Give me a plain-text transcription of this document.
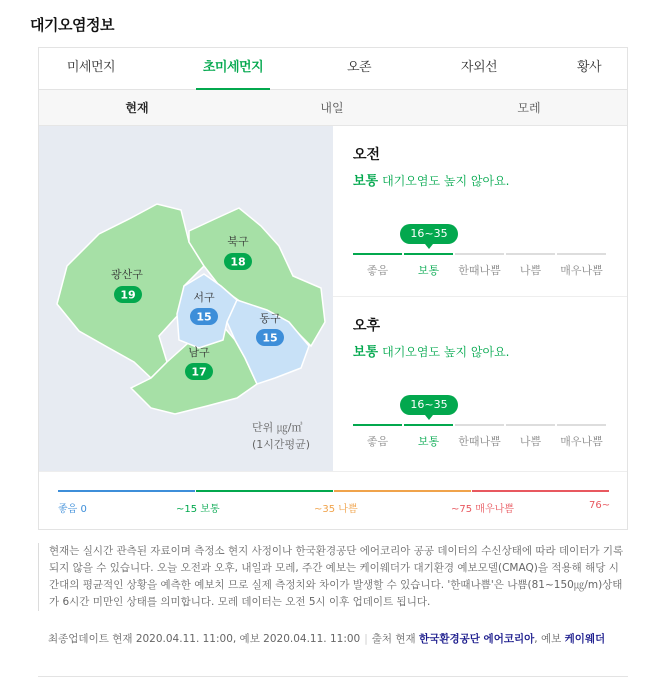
대기오염정보
미세먼지	초미세먼지	오존	자외선	황사
현재	내일	모레
광산구
19
북구
18
서구
15	동구
15
남구
17
단위 ㎍/㎥
(1시간평균)
오전
보통 대기오염도 높지 않아요.
16~35
좋음	보통	한때나쁨	나쁨	매우나쁨
오후
보통 대기오염도 높지 않아요.
16~35
좋음	보통	한때나쁨	나쁨	매우나쁨
좋음 0	~15 보통	~35 나쁨	~75 매우나쁨	76~
현재는 실시간 관측된 자료이며 측정소 현지 사정이나 한국환경공단 에어코리아 공공 데이터의 수신상태에 따라 데이터가 기록되지 않을 수 있습니다. 오늘 오전과 오후, 내일과 모레, 주간 예보는 케이웨더가 대기환경 예보모델(CMAQ)을 적용해 해당 시간대의 평균적인 상황을 예측한 예보치 므로 실제 측정치와 차이가 발생할 수 있습니다. '한때나쁨'은 나쁨(81~150㎍/m)상태가 6시간 미만인 상태를 의미합니다. 모레 데이터는 오전 5시 이후 업데이트 됩니다.
최종업데이트 현재 2020.04.11. 11:00, 예보 2020.04.11. 11:00 | 출처 현재 한국환경공단 에어코리아, 예보 케이웨더
